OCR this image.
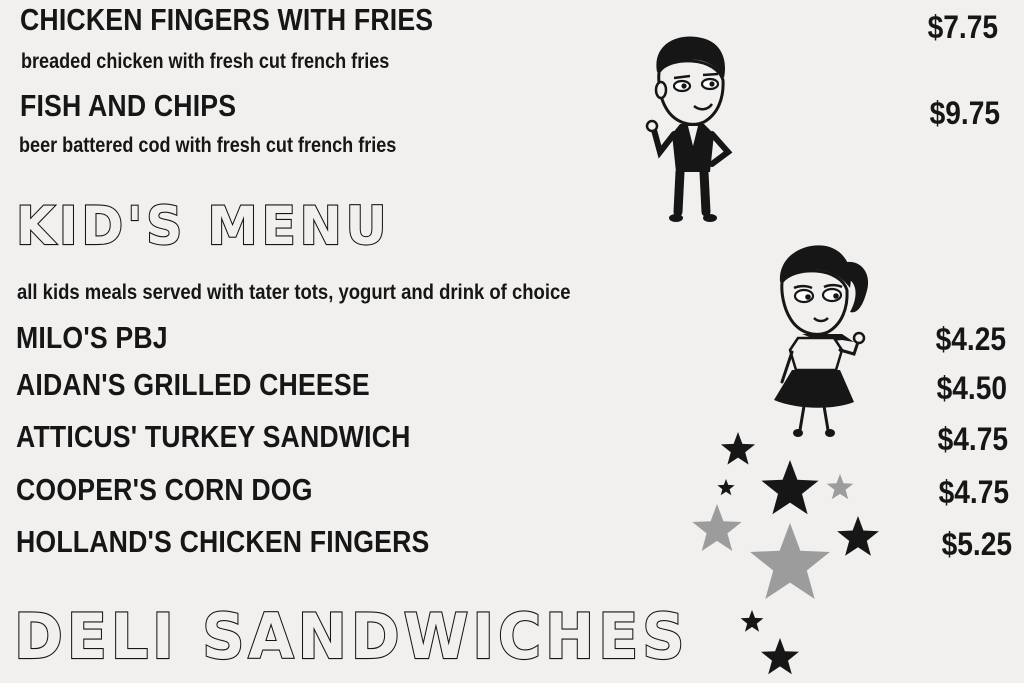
CHICKEN FINGERS WITH FRIES
breaded chicken with fresh cut french fries
$7.75
FISH AND CHIPS
beer battered cod with fresh cut french fries
$9.75
KID'S MENU
all kids meals served with tater tots, yogurt and drink of choice
MILO'S PBJ	$4.25
AIDAN'S GRILLED CHEESE	$4.50
ATTICUS' TURKEY SANDWICH	$4.75
COOPER'S CORN DOG	$4.75
HOLLAND'S CHICKEN FINGERS	$5.25
DELI SANDWICHES
